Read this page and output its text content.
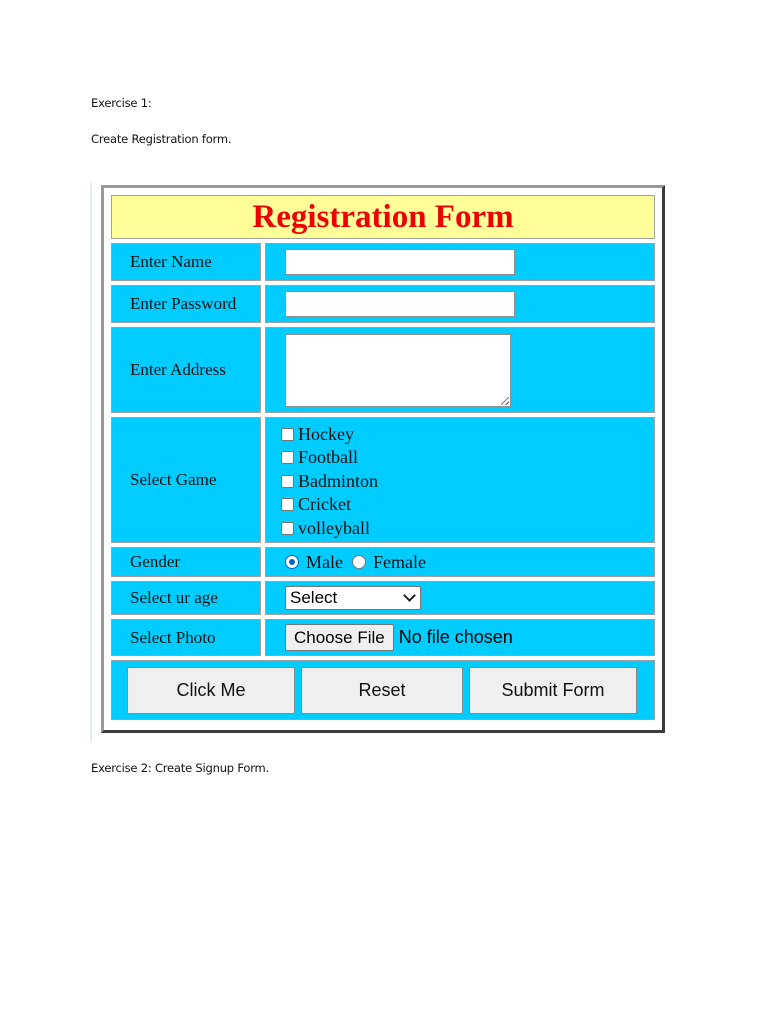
Exercise 1:
Create Registration form.
Registration Form	
Enter Name	

Enter Password	

Enter Address	

Select Game	Hockey
Football
Badminton
Cricket
volleyball

Gender	Male Female

Select ur age	Select

Select Photo	Choose File No file chosen

Click Me Reset Submit Form	
Exercise 2: Create Signup Form.
